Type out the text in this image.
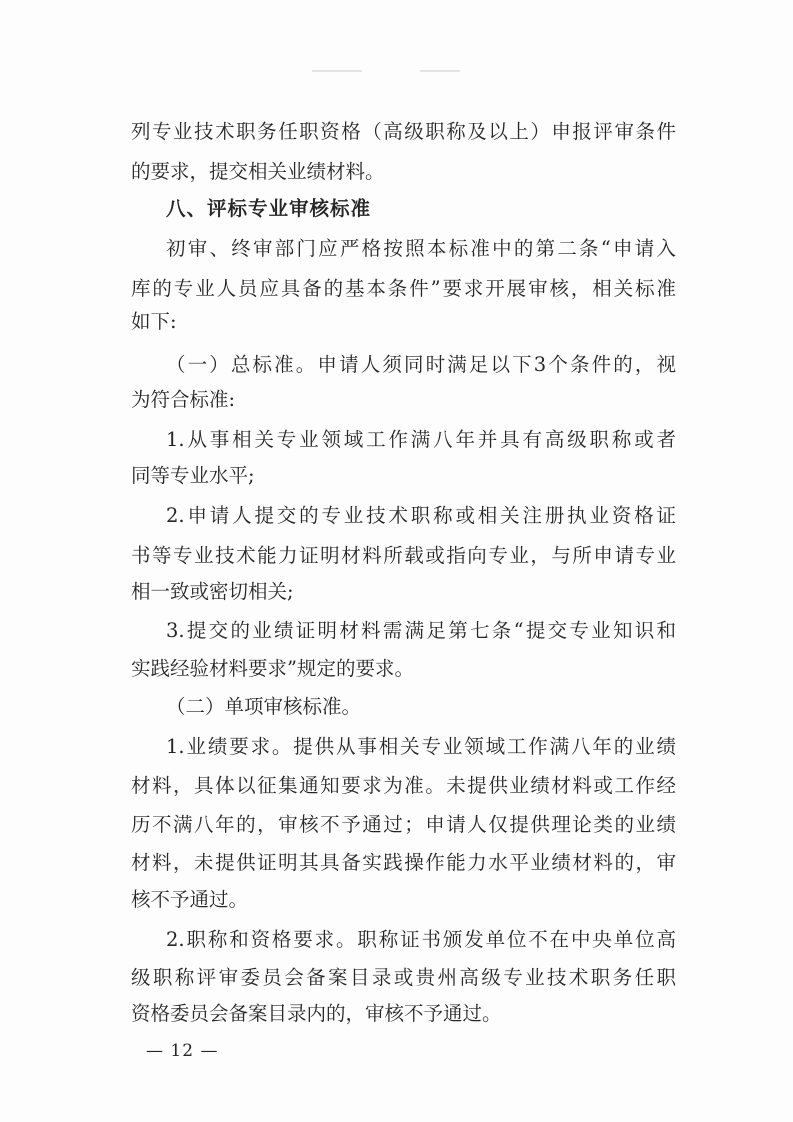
列专业技术职务任职资格（高级职称及以上）申报评审条件
的要求，提交相关业绩材料。
八、评标专业审核标准
初审、终审部门应严格按照本标准中的第二条“申请入
库的专业人员应具备的基本条件”要求开展审核，相关标准
如下:
（一）总标准。申请人须同时满足以下3个条件的，视
为符合标准:
1.从事相关专业领域工作满八年并具有高级职称或者
同等专业水平;
2.申请人提交的专业技术职称或相关注册执业资格证
书等专业技术能力证明材料所载或指向专业，与所申请专业
相一致或密切相关;
3.提交的业绩证明材料需满足第七条“提交专业知识和
实践经验材料要求”规定的要求。
（二）单项审核标准。
1.业绩要求。提供从事相关专业领域工作满八年的业绩
材料，具体以征集通知要求为准。未提供业绩材料或工作经
历不满八年的，审核不予通过；申请人仅提供理论类的业绩
材料，未提供证明其具备实践操作能力水平业绩材料的，审
核不予通过。
2.职称和资格要求。职称证书颁发单位不在中央单位高
级职称评审委员会备案目录或贵州高级专业技术职务任职
资格委员会备案目录内的，审核不予通过。
— 12 —
